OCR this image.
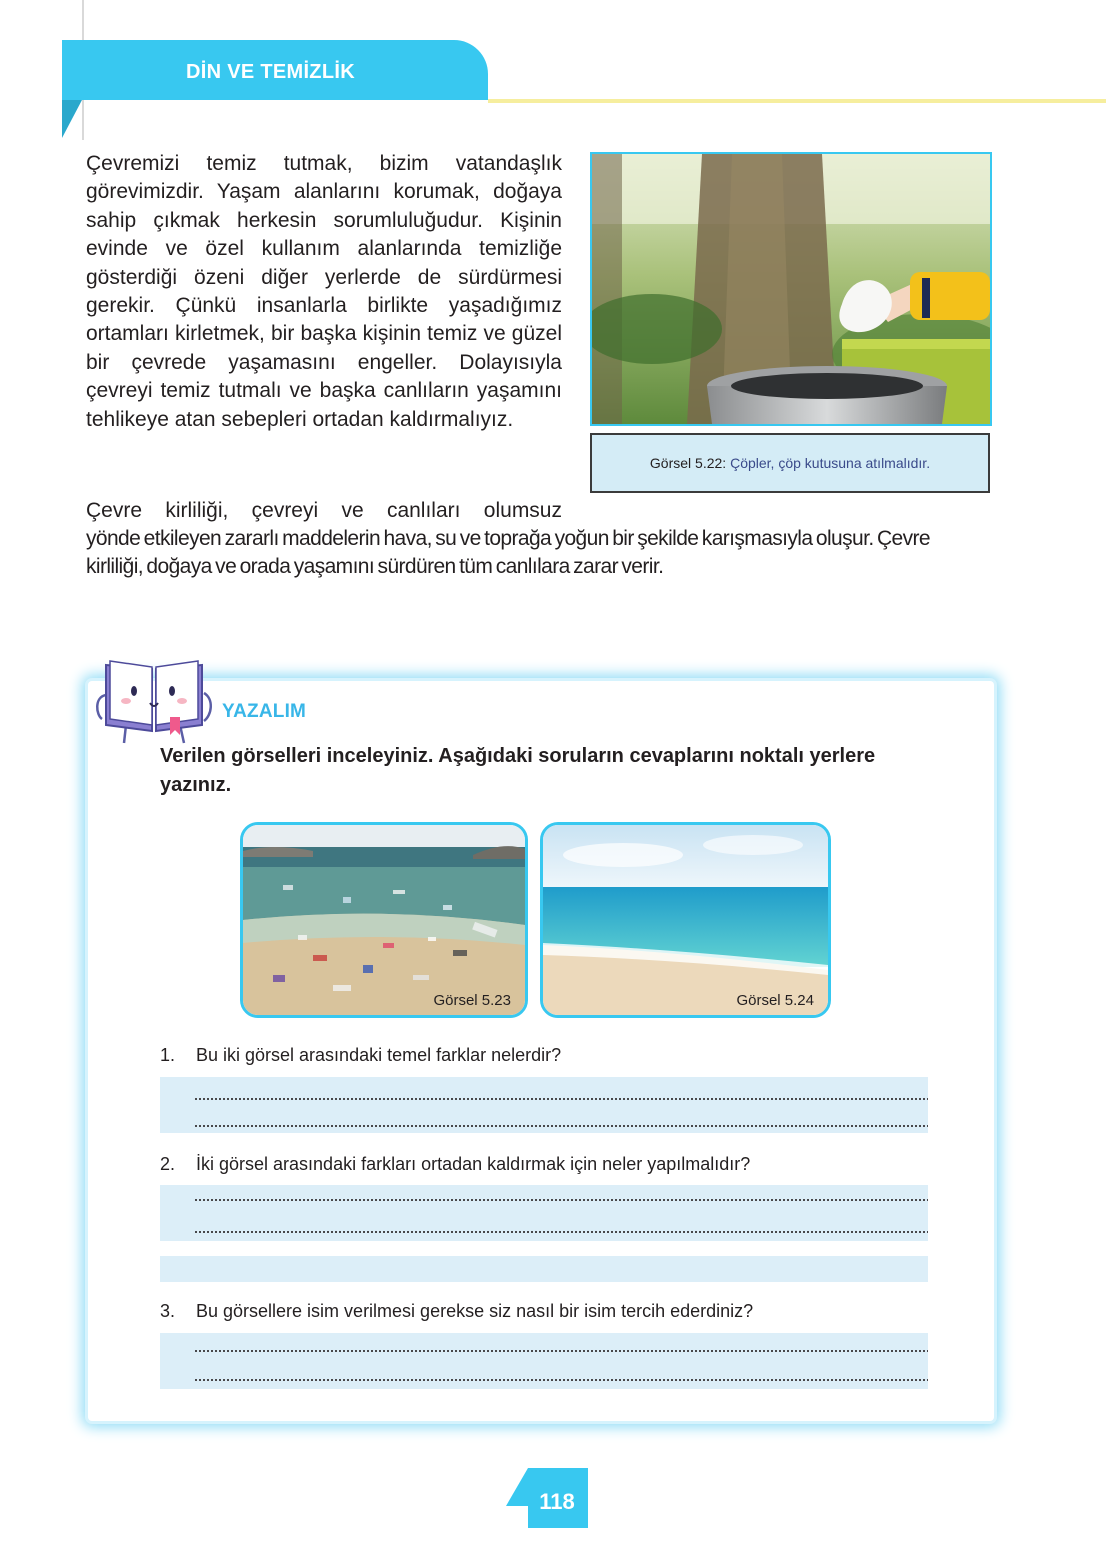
DİN VE TEMİZLİK
Çevremizi temiz tutmak, bizim vatandaşlık görevimizdir. Yaşam alanlarını korumak, doğaya sahip çıkmak herkesin sorumluluğudur. Kişinin evinde ve özel kullanım alanlarında temizliğe gösterdiği özeni diğer yerlerde de sürdürmesi gerekir. Çünkü insanlarla birlikte yaşadığımız ortamları kirletmek, bir başka kişinin temiz ve güzel bir çevrede yaşamasını engeller. Dolayısıyla çevreyi temiz tutmalı ve başka canlıların yaşamını tehlikeye atan sebepleri ortadan kaldırmalıyız.
Görsel 5.22: Çöpler, çöp kutusuna atılmalıdır.
Çevre kirliliği, çevreyi ve canlıları olumsuz
yönde etkileyen zararlı maddelerin hava, su ve toprağa yoğun bir şekilde karışmasıyla oluşur. Çevre kirliliği, doğaya ve orada yaşamını sürdüren tüm canlılara zarar verir.
YAZALIM
Verilen görselleri inceleyiniz. Aşağıdaki soruların cevaplarını noktalı yerlere yazınız.
Görsel 5.23	Görsel 5.24
1. Bu iki görsel arasındaki temel farklar nelerdir?
2. İki görsel arasındaki farkları ortadan kaldırmak için neler yapılmalıdır?
3. Bu görsellere isim verilmesi gerekse siz nasıl bir isim tercih ederdiniz?
118
